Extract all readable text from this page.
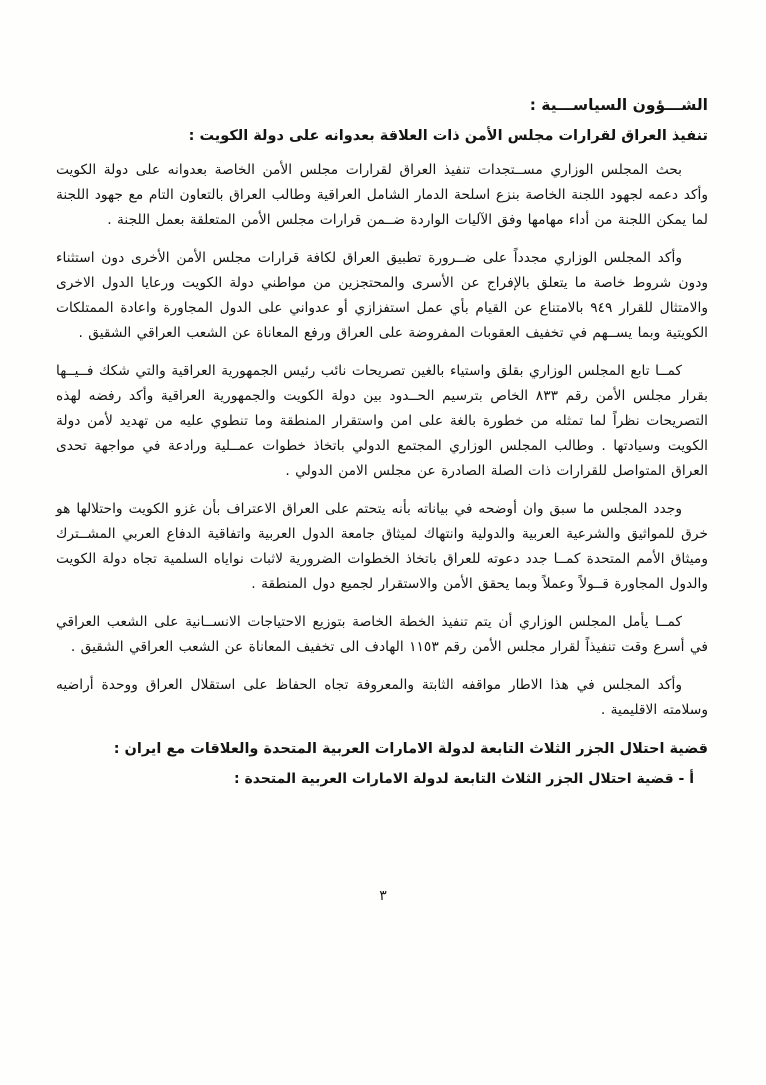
الشـــؤون السياســـية :
تنفيذ العراق لقرارات مجلس الأمن ذات العلاقة بعدوانه على دولة الكويت :

بحث المجلس الوزاري مســتجدات تنفيذ العراق لقرارات مجلس الأمن الخاصة بعدوانه على دولة الكويت وأكد دعمه لجهود اللجنة الخاصة بنزع اسلحة الدمار الشامل العراقية وطالب العراق بالتعاون التام مع جهود اللجنة لما يمكن اللجنة من أداء مهامها وفق الآليات الواردة ضــمن قرارات مجلس الأمن المتعلقة بعمل اللجنة .

وأكد المجلس الوزاري مجدداً على ضــرورة تطبيق العراق لكافة قرارات مجلس الأمن الأخرى دون استثناء ودون شروط خاصة ما يتعلق بالإفراج عن الأسرى والمحتجزين من مواطني دولة الكويت ورعايا الدول الاخرى والامتثال للقرار ٩٤٩ بالامتناع عن القيام بأي عمل استفزازي أو عدواني على الدول المجاورة واعادة الممتلكات الكويتية وبما يســهم في تخفيف العقوبات المفروضة على العراق ورفع المعاناة عن الشعب العراقي الشقيق .

كمــا تابع المجلس الوزاري بقلق واستياء بالغين تصريحات نائب رئيس الجمهورية العراقية والتي شكك فــيــها بقرار مجلس الأمن رقم ٨٣٣ الخاص بترسيم الحــدود بين دولة الكويت والجمهورية العراقية وأكد رفضه لهذه التصريحات نظراً لما تمثله من خطورة بالغة على امن واستقرار المنطقة وما تنطوي عليه من تهديد لأمن دولة الكويت وسيادتها . وطالب المجلس الوزاري المجتمع الدولي باتخاذ خطوات عمــلية ورادعة في مواجهة تحدى العراق المتواصل للقرارات ذات الصلة الصادرة عن مجلس الامن الدولي .

وجدد المجلس ما سبق وان أوضحه في بياناته بأنه يتحتم على العراق الاعتراف بأن غزو الكويت واحتلالها هو خرق للمواثيق والشرعية العربية والدولية وانتهاك لميثاق جامعة الدول العربية واتفاقية الدفاع العربي المشــترك وميثاق الأمم المتحدة كمــا جدد دعوته للعراق باتخاذ الخطوات الضرورية لاثبات نواياه السلمية تجاه دولة الكويت والدول المجاورة قــولاً وعملاً وبما يحقق الأمن والاستقرار لجميع دول المنطقة .

كمــا يأمل المجلس الوزاري أن يتم تنفيذ الخطة الخاصة بتوزيع الاحتياجات الانســانية على الشعب العراقي في أسرع وقت تنفيذاً لقرار مجلس الأمن رقم ١١٥٣ الهادف الى تخفيف المعاناة عن الشعب العراقي الشقيق .

وأكد المجلس في هذا الاطار مواقفه الثابتة والمعروفة تجاه الحفاظ على استقلال العراق ووحدة أراضيه وسلامته الاقليمية .

قضية احتلال الجزر الثلاث التابعة لدولة الامارات العربية المتحدة والعلاقات مع ايران :
أ - قضية احتلال الجزر الثلاث التابعة لدولة الامارات العربية المتحدة :
٣
